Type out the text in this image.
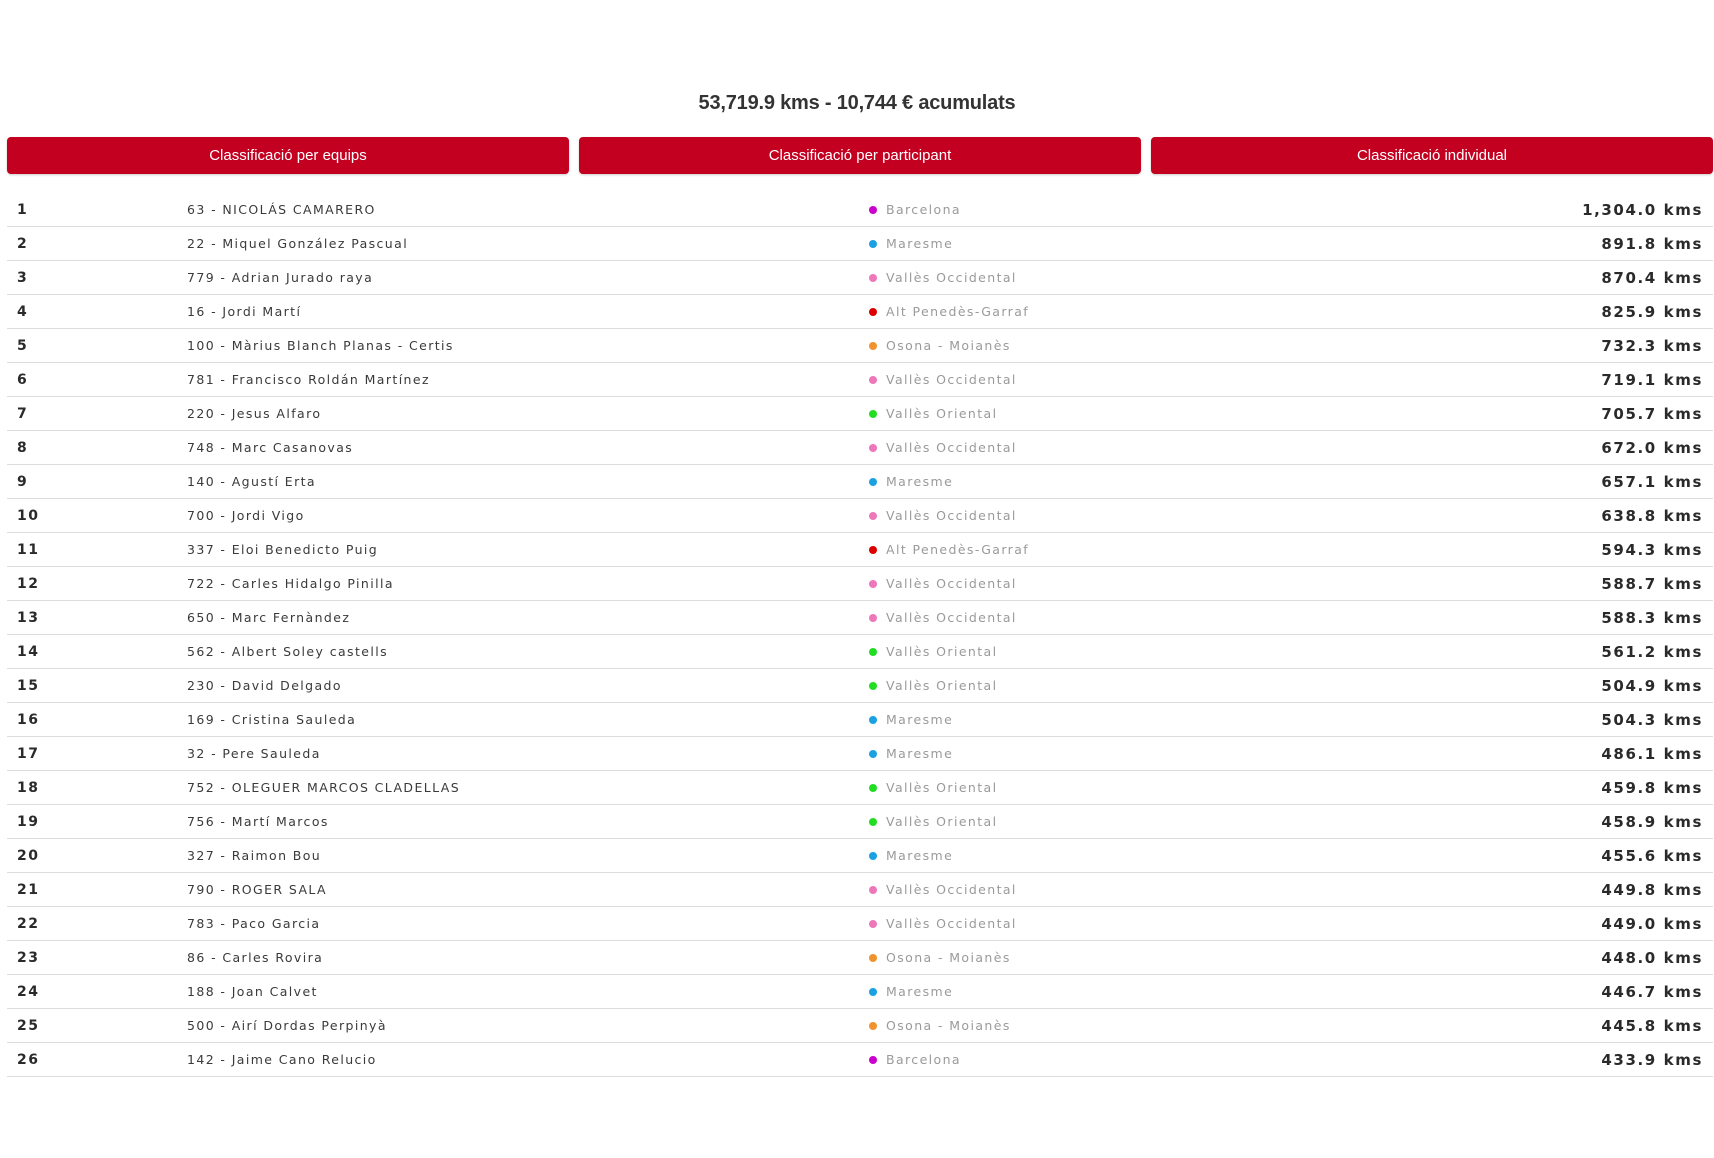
53,719.9 kms - 10,744 € acumulats
Classificació per equips	Classificació per participant	Classificació individual
1	63 - NICOLÁS CAMARERO	Barcelona	1,304.0 kms
2	22 - Miquel González Pascual	Maresme	891.8 kms
3	779 - Adrian Jurado raya	Vallès Occidental	870.4 kms
4	16 - Jordi Martí	Alt Penedès-Garraf	825.9 kms
5	100 - Màrius Blanch Planas - Certis	Osona - Moianès	732.3 kms
6	781 - Francisco Roldán Martínez	Vallès Occidental	719.1 kms
7	220 - Jesus Alfaro	Vallès Oriental	705.7 kms
8	748 - Marc Casanovas	Vallès Occidental	672.0 kms
9	140 - Agustí Erta	Maresme	657.1 kms
10	700 - Jordi Vigo	Vallès Occidental	638.8 kms
11	337 - Eloi Benedicto Puig	Alt Penedès-Garraf	594.3 kms
12	722 - Carles Hidalgo Pinilla	Vallès Occidental	588.7 kms
13	650 - Marc Fernàndez	Vallès Occidental	588.3 kms
14	562 - Albert Soley castells	Vallès Oriental	561.2 kms
15	230 - David Delgado	Vallès Oriental	504.9 kms
16	169 - Cristina Sauleda	Maresme	504.3 kms
17	32 - Pere Sauleda	Maresme	486.1 kms
18	752 - OLEGUER MARCOS CLADELLAS	Vallès Oriental	459.8 kms
19	756 - Martí Marcos	Vallès Oriental	458.9 kms
20	327 - Raimon Bou	Maresme	455.6 kms
21	790 - ROGER SALA	Vallès Occidental	449.8 kms
22	783 - Paco Garcia	Vallès Occidental	449.0 kms
23	86 - Carles Rovira	Osona - Moianès	448.0 kms
24	188 - Joan Calvet	Maresme	446.7 kms
25	500 - Airí Dordas Perpinyà	Osona - Moianès	445.8 kms
26	142 - Jaime Cano Relucio	Barcelona	433.9 kms
